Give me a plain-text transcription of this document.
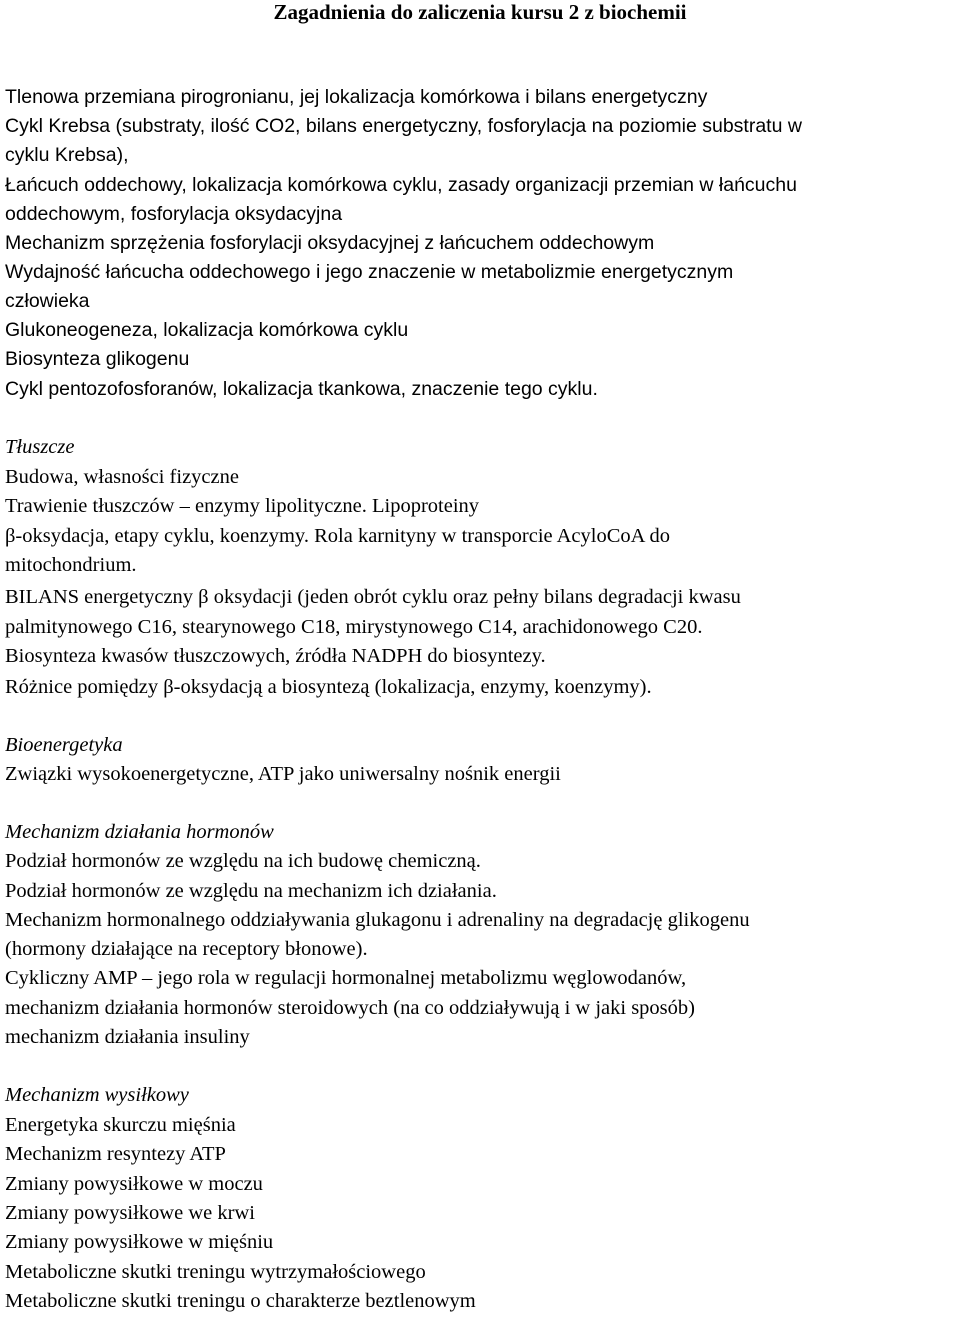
Zagadnienia do zaliczenia kursu 2 z biochemii
Tlenowa przemiana pirogronianu, jej lokalizacja komórkowa i bilans energetyczny
Cykl Krebsa (substraty, ilość CO2, bilans energetyczny, fosforylacja na poziomie substratu w
cyklu Krebsa),
Łańcuch oddechowy, lokalizacja komórkowa cyklu, zasady organizacji przemian w łańcuchu
oddechowym, fosforylacja oksydacyjna
Mechanizm sprzężenia fosforylacji oksydacyjnej z łańcuchem oddechowym
Wydajność łańcucha oddechowego i jego znaczenie w metabolizmie energetycznym
człowieka
Glukoneogeneza, lokalizacja komórkowa cyklu
Biosynteza glikogenu
Cykl pentozofosforanów, lokalizacja tkankowa, znaczenie tego cyklu.
Tłuszcze
Budowa, własności fizyczne
Trawienie tłuszczów – enzymy lipolityczne. Lipoproteiny
β-oksydacja, etapy cyklu, koenzymy. Rola karnityny w transporcie AcyloCoA do
mitochondrium.
BILANS energetyczny β oksydacji (jeden obrót cyklu oraz pełny bilans degradacji kwasu
palmitynowego C16, stearynowego C18, mirystynowego C14, arachidonowego C20.
Biosynteza kwasów tłuszczowych, źródła NADPH do biosyntezy.
Różnice pomiędzy β-oksydacją a biosyntezą (lokalizacja, enzymy, koenzymy).
Bioenergetyka
Związki wysokoenergetyczne, ATP jako uniwersalny nośnik energii
Mechanizm działania hormonów
Podział hormonów ze względu na ich budowę chemiczną.
Podział hormonów ze względu na mechanizm ich działania.
Mechanizm hormonalnego oddziaływania glukagonu i adrenaliny na degradację glikogenu
(hormony działające na receptory błonowe).
Cykliczny AMP – jego rola w regulacji hormonalnej metabolizmu węglowodanów,
mechanizm działania hormonów steroidowych (na co oddziaływują i w jaki sposób)
mechanizm działania insuliny
Mechanizm wysiłkowy
Energetyka skurczu mięśnia
Mechanizm resyntezy ATP
Zmiany powysiłkowe w moczu
Zmiany powysiłkowe we krwi
Zmiany powysiłkowe w mięśniu
Metaboliczne skutki treningu wytrzymałościowego
Metaboliczne skutki treningu o charakterze beztlenowym
